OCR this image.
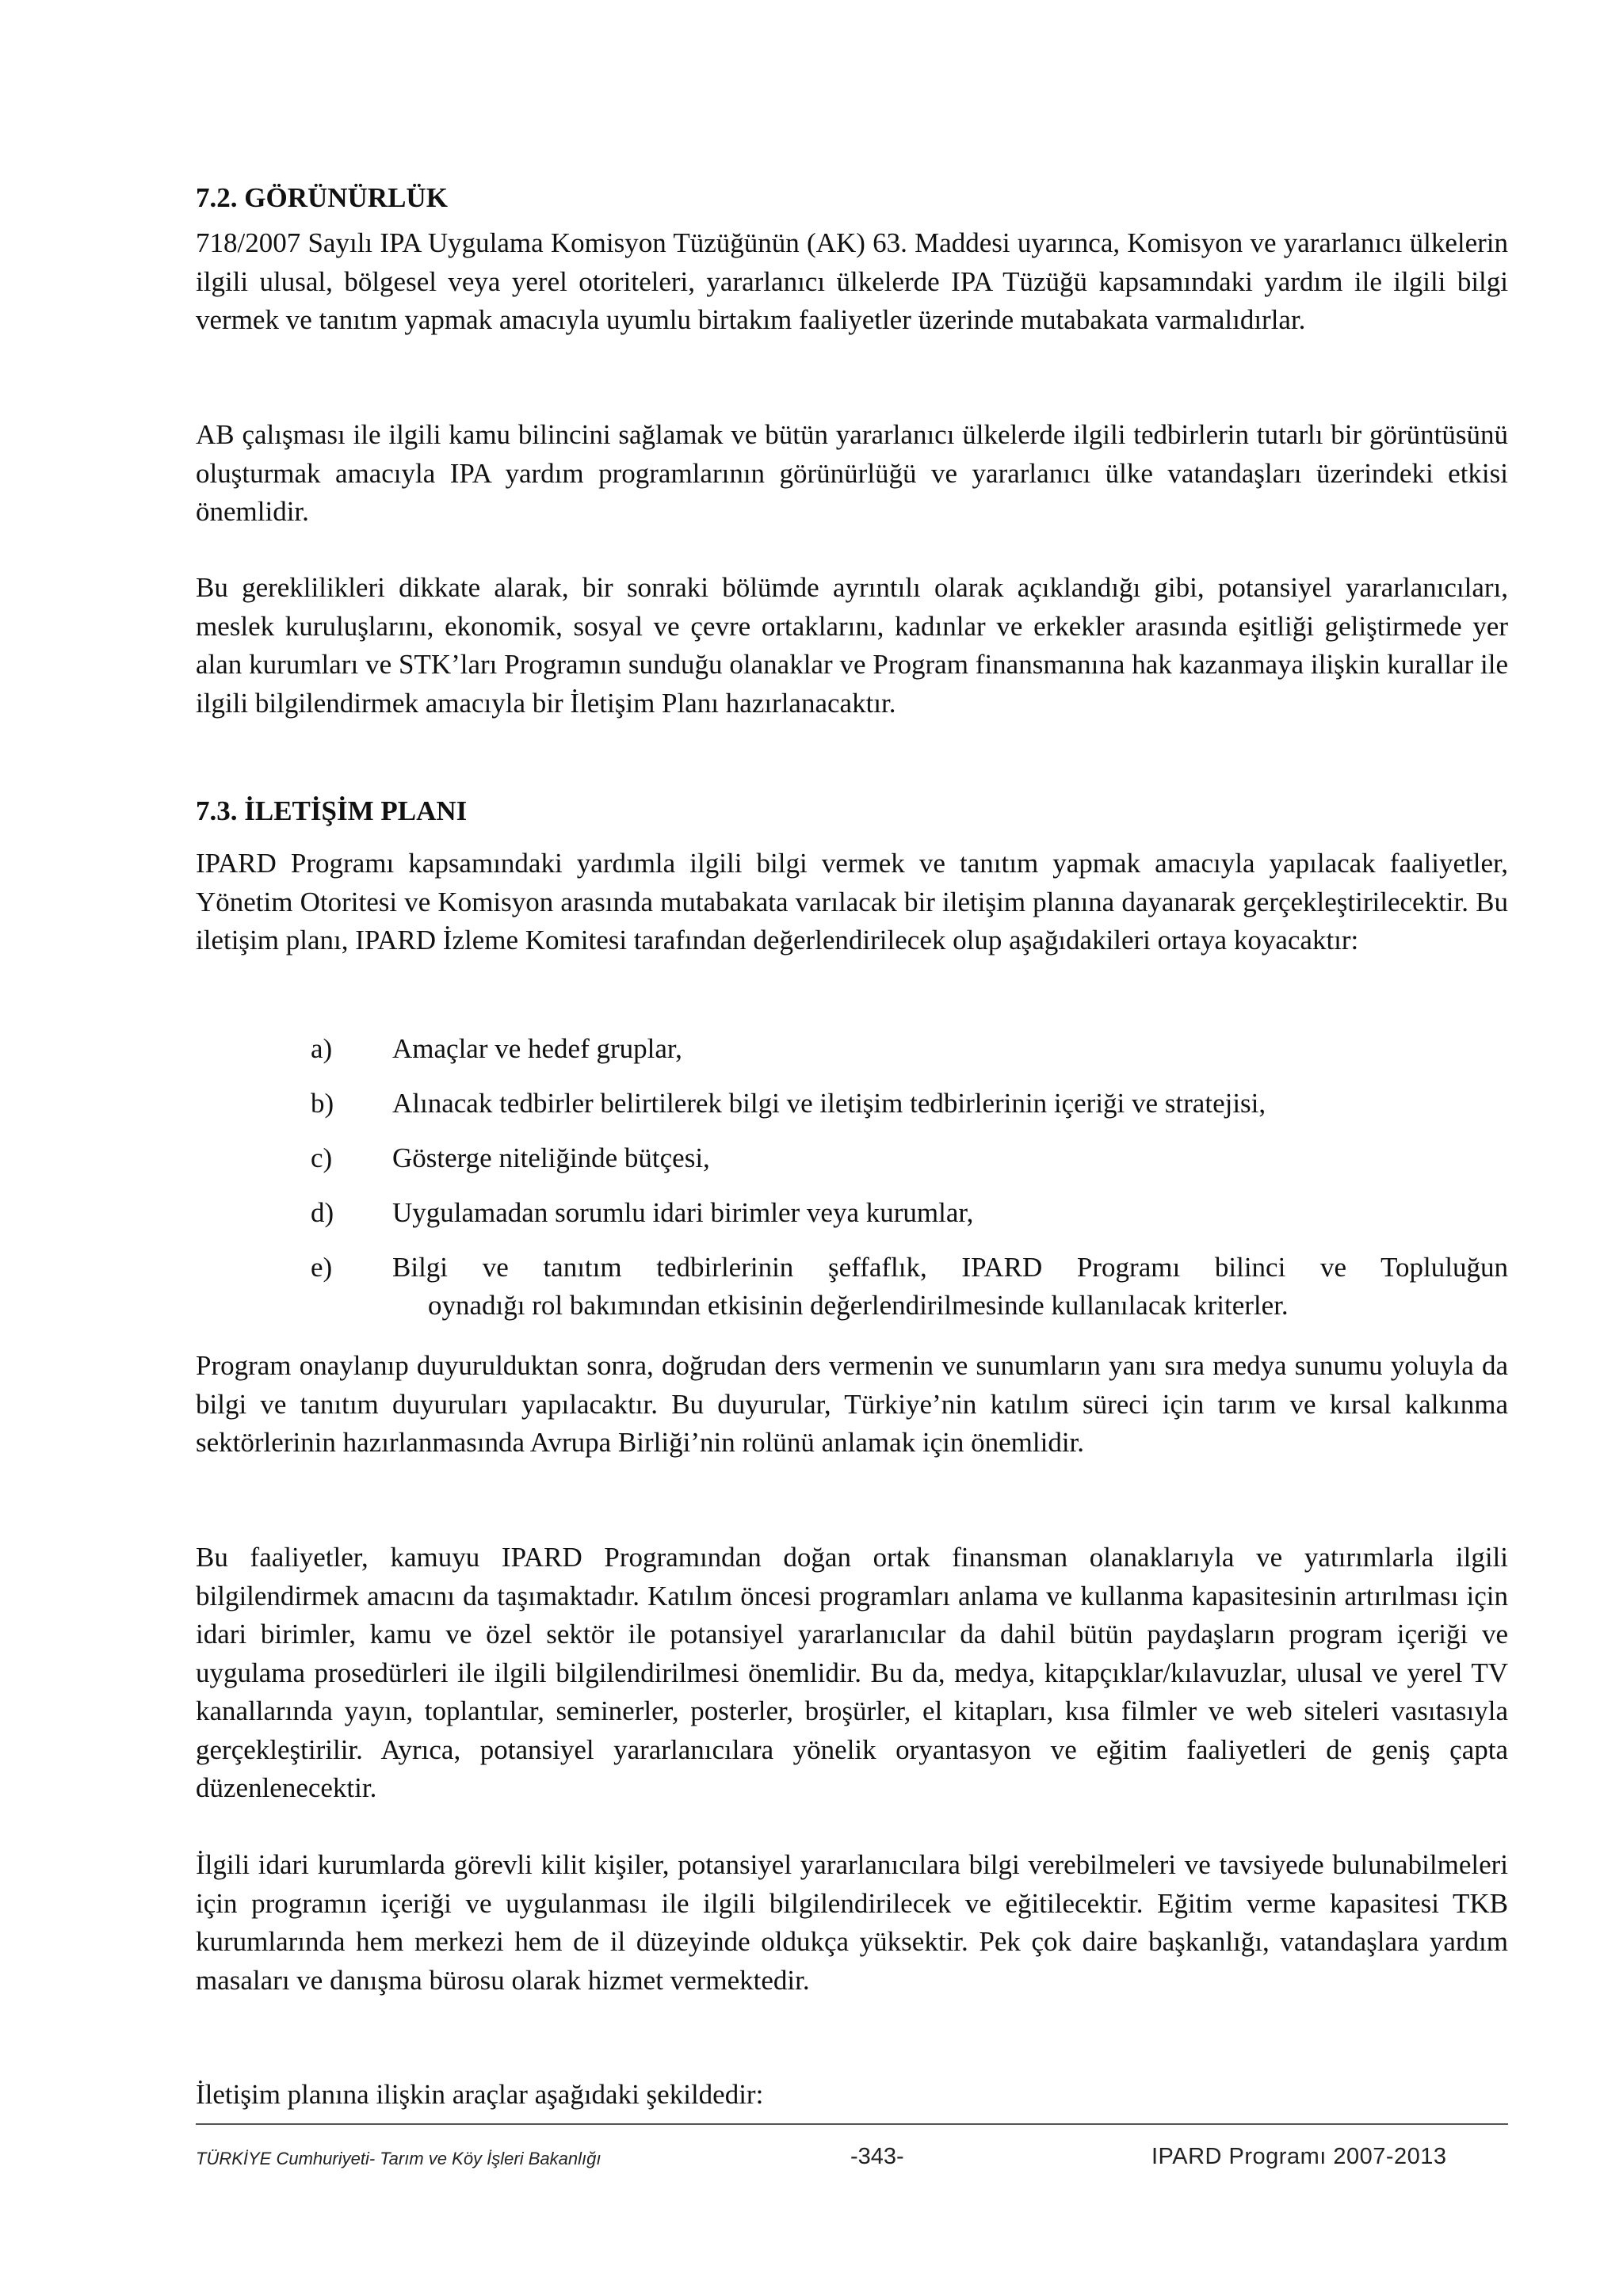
7.2. GÖRÜNÜRLÜK

718/2007 Sayılı IPA Uygulama Komisyon Tüzüğünün (AK) 63. Maddesi uyarınca, Komisyon ve yararlanıcı ülkelerin ilgili ulusal, bölgesel veya yerel otoriteleri, yararlanıcı ülkelerde IPA Tüzüğü kapsamındaki yardım ile ilgili bilgi vermek ve tanıtım yapmak amacıyla uyumlu birtakım faaliyetler üzerinde mutabakata varmalıdırlar.

AB çalışması ile ilgili kamu bilincini sağlamak ve bütün yararlanıcı ülkelerde ilgili tedbirlerin tutarlı bir görüntüsünü oluşturmak amacıyla IPA yardım programlarının görünürlüğü ve yararlanıcı ülke vatandaşları üzerindeki etkisi önemlidir.

Bu gereklilikleri dikkate alarak, bir sonraki bölümde ayrıntılı olarak açıklandığı gibi, potansiyel yararlanıcıları, meslek kuruluşlarını, ekonomik, sosyal ve çevre ortaklarını, kadınlar ve erkekler arasında eşitliği geliştirmede yer alan kurumları ve STK’ları Programın sunduğu olanaklar ve Program finansmanına hak kazanmaya ilişkin kurallar ile ilgili bilgilendirmek amacıyla bir İletişim Planı hazırlanacaktır.

7.3. İLETİŞİM PLANI

IPARD Programı kapsamındaki yardımla ilgili bilgi vermek ve tanıtım yapmak amacıyla yapılacak faaliyetler, Yönetim Otoritesi ve Komisyon arasında mutabakata varılacak bir iletişim planına dayanarak gerçekleştirilecektir. Bu iletişim planı, IPARD İzleme Komitesi tarafından değerlendirilecek olup aşağıdakileri ortaya koyacaktır:

a) Amaçlar ve hedef gruplar,
b) Alınacak tedbirler belirtilerek bilgi ve iletişim tedbirlerinin içeriği ve stratejisi,
c) Gösterge niteliğinde bütçesi,
d) Uygulamadan sorumlu idari birimler veya kurumlar,
e) Bilgi ve tanıtım tedbirlerinin şeffaflık, IPARD Programı bilinci ve Topluluğun
oynadığı rol bakımından etkisinin değerlendirilmesinde kullanılacak kriterler.

Program onaylanıp duyurulduktan sonra, doğrudan ders vermenin ve sunumların yanı sıra medya sunumu yoluyla da bilgi ve tanıtım duyuruları yapılacaktır. Bu duyurular, Türkiye’nin katılım süreci için tarım ve kırsal kalkınma sektörlerinin hazırlanmasında Avrupa Birliği’nin rolünü anlamak için önemlidir.

Bu faaliyetler, kamuyu IPARD Programından doğan ortak finansman olanaklarıyla ve yatırımlarla ilgili bilgilendirmek amacını da taşımaktadır. Katılım öncesi programları anlama ve kullanma kapasitesinin artırılması için idari birimler, kamu ve özel sektör ile potansiyel yararlanıcılar da dahil bütün paydaşların program içeriği ve uygulama prosedürleri ile ilgili bilgilendirilmesi önemlidir. Bu da, medya, kitapçıklar/kılavuzlar, ulusal ve yerel TV kanallarında yayın, toplantılar, seminerler, posterler, broşürler, el kitapları, kısa filmler ve web siteleri vasıtasıyla gerçekleştirilir. Ayrıca, potansiyel yararlanıcılara yönelik oryantasyon ve eğitim faaliyetleri de geniş çapta düzenlenecektir.

İlgili idari kurumlarda görevli kilit kişiler, potansiyel yararlanıcılara bilgi verebilmeleri ve tavsiyede bulunabilmeleri için programın içeriği ve uygulanması ile ilgili bilgilendirilecek ve eğitilecektir. Eğitim verme kapasitesi TKB kurumlarında hem merkezi hem de il düzeyinde oldukça yüksektir. Pek çok daire başkanlığı, vatandaşlara yardım masaları ve danışma bürosu olarak hizmet vermektedir.

İletişim planına ilişkin araçlar aşağıdaki şekildedir:

TÜRKİYE Cumhuriyeti- Tarım ve Köy İşleri Bakanlığı	-343-	IPARD Programı 2007-2013
